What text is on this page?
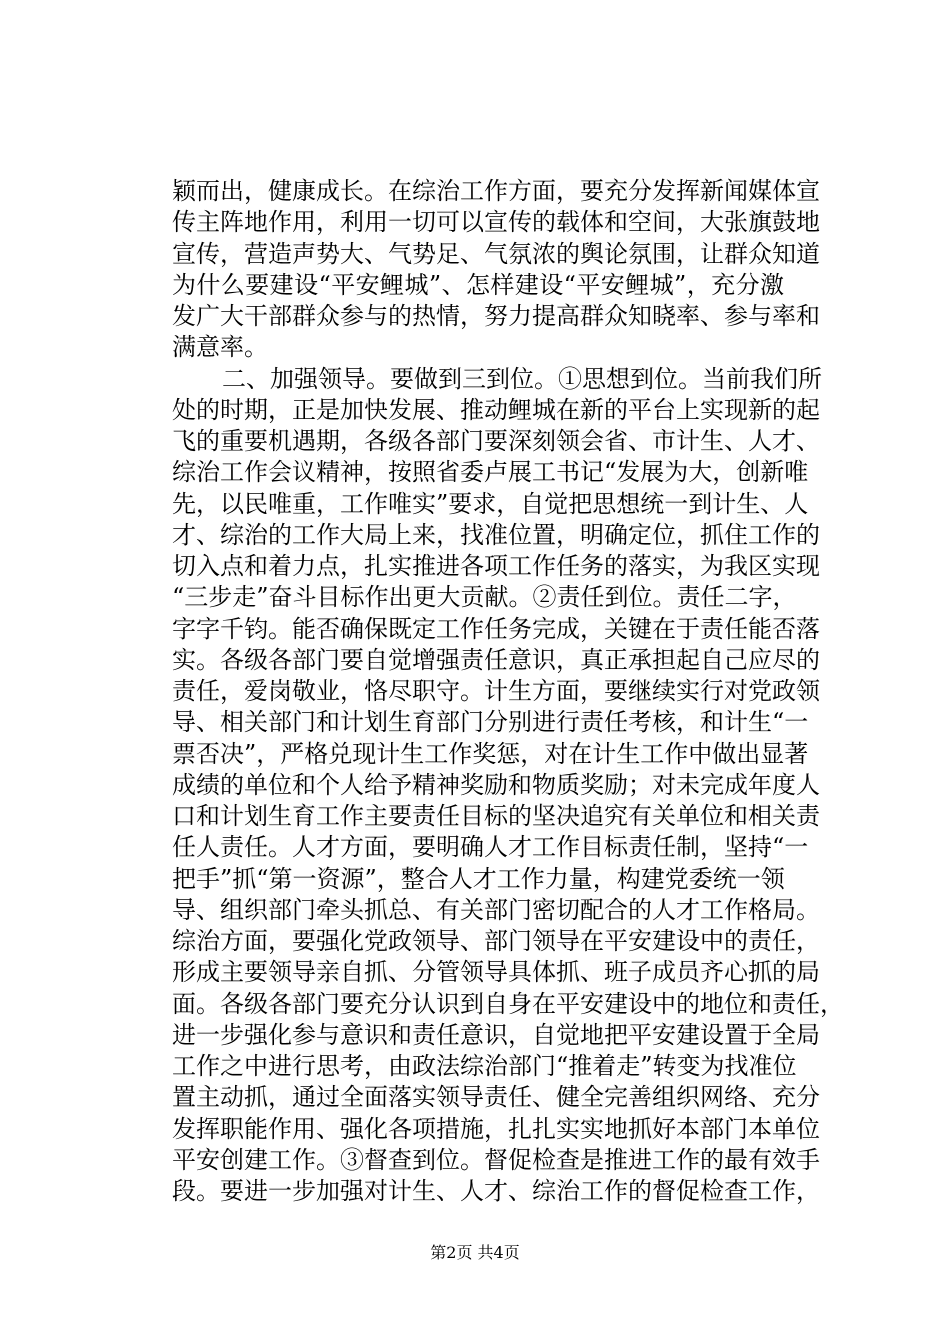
颖而出，健康成长。在综治工作方面，要充分发挥新闻媒体宣
传主阵地作用，利用一切可以宣传的载体和空间，大张旗鼓地
宣传，营造声势大、气势足、气氛浓的舆论氛围，让群众知道
为什么要建设“平安鲤城”、怎样建设“平安鲤城”，充分激
发广大干部群众参与的热情，努力提高群众知晓率、参与率和
满意率。
二、加强领导。要做到三到位。①思想到位。当前我们所
处的时期，正是加快发展、推动鲤城在新的平台上实现新的起
飞的重要机遇期，各级各部门要深刻领会省、市计生、人才、
综治工作会议精神，按照省委卢展工书记“发展为大，创新唯
先，以民唯重，工作唯实”要求，自觉把思想统一到计生、人
才、综治的工作大局上来，找准位置，明确定位，抓住工作的
切入点和着力点，扎实推进各项工作任务的落实，为我区实现
“三步走”奋斗目标作出更大贡献。②责任到位。责任二字，
字字千钧。能否确保既定工作任务完成，关键在于责任能否落
实。各级各部门要自觉增强责任意识，真正承担起自己应尽的
责任，爱岗敬业，恪尽职守。计生方面，要继续实行对党政领
导、相关部门和计划生育部门分别进行责任考核，和计生“一
票否决”，严格兑现计生工作奖惩，对在计生工作中做出显著
成绩的单位和个人给予精神奖励和物质奖励；对未完成年度人
口和计划生育工作主要责任目标的坚决追究有关单位和相关责
任人责任。人才方面，要明确人才工作目标责任制，坚持“一
把手”抓“第一资源”，整合人才工作力量，构建党委统一领
导、组织部门牵头抓总、有关部门密切配合的人才工作格局。
综治方面，要强化党政领导、部门领导在平安建设中的责任，
形成主要领导亲自抓、分管领导具体抓、班子成员齐心抓的局
面。各级各部门要充分认识到自身在平安建设中的地位和责任，
进一步强化参与意识和责任意识，自觉地把平安建设置于全局
工作之中进行思考，由政法综治部门“推着走”转变为找准位
置主动抓，通过全面落实领导责任、健全完善组织网络、充分
发挥职能作用、强化各项措施，扎扎实实地抓好本部门本单位
平安创建工作。③督查到位。督促检查是推进工作的最有效手
段。要进一步加强对计生、人才、综治工作的督促检查工作，
第2页 共4页
